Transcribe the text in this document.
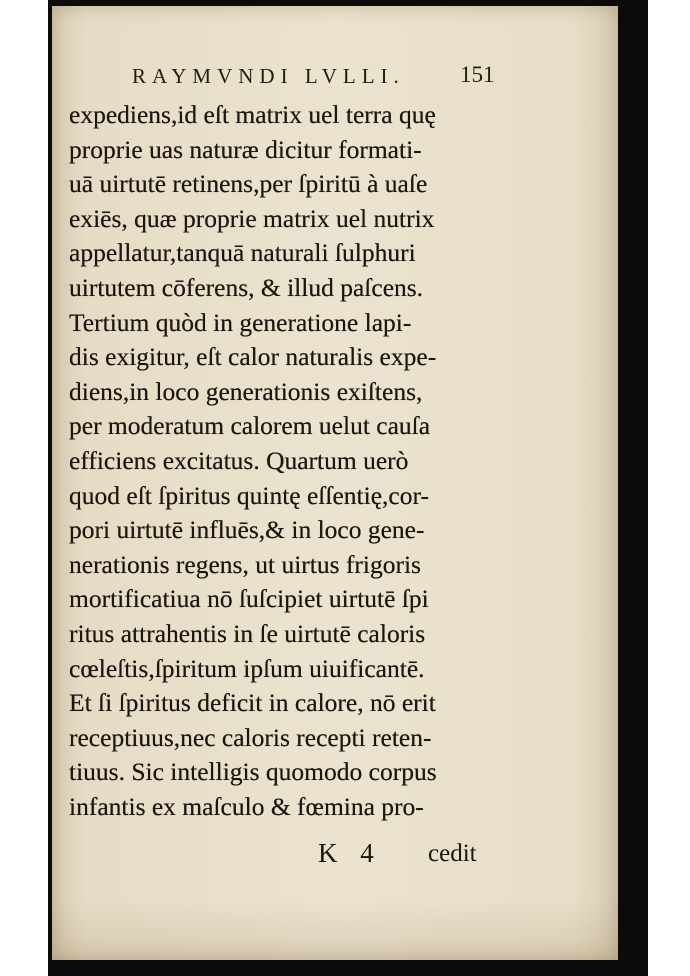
RAYMVNDI LVLLI. 151
expediens,id eſt matrix uel terra quę
proprie uas naturæ dicitur formati-
uā uirtutē retinens,per ſpiritū à uaſe
exiēs, quæ proprie matrix uel nutrix
appellatur,tanquā naturali ſulphuri
uirtutem cōferens, & illud paſcens.
Tertium quòd in generatione lapi-
dis exigitur, eſt calor naturalis expe-
diens,in loco generationis exiſtens,
per moderatum calorem uelut cauſa
efficiens excitatus. Quartum uerò
quod eſt ſpiritus quintę eſſentię,cor-
pori uirtutē influēs,& in loco gene-
nerationis regens, ut uirtus frigoris
mortificatiua nō ſuſcipiet uirtutē ſpi
ritus attrahentis in ſe uirtutē caloris
cœleſtis,ſpiritum ipſum uiuificantē.
Et ſi ſpiritus deficit in calore, nō erit
receptiuus,nec caloris recepti reten-
tiuus. Sic intelligis quomodo corpus
infantis ex maſculo & fœmina pro-
K 4 cedit
